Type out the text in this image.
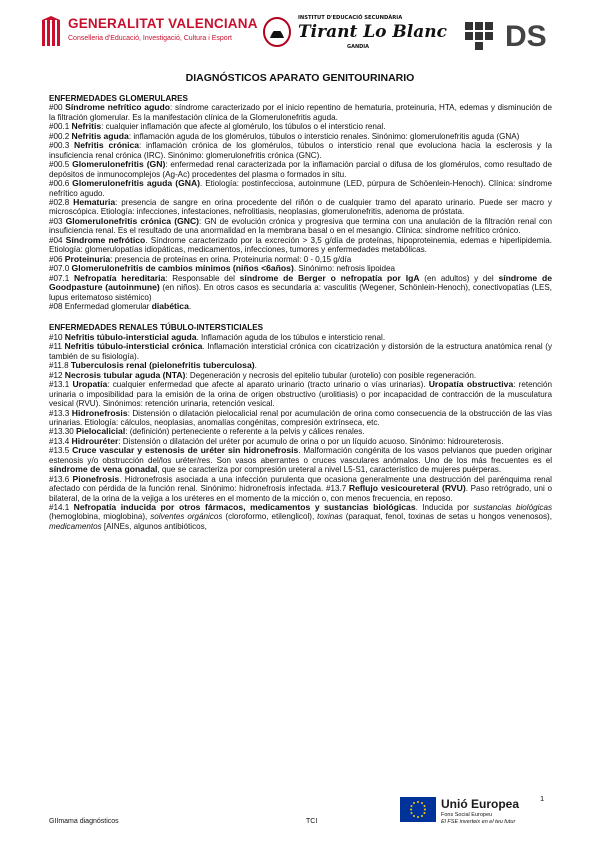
GENERALITAT VALENCIANA
Conselleria d'Educació, Investigació, Cultura i Esport
INSTITUT D'EDUCACIÓ SECUNDÀRIA
Tirant Lo Blanc
GANDIA	DS
DIAGNÓSTICOS APARATO GENITOURINARIO
ENFERMEDADES GLOMERULARES
#00 Síndrome nefrítico agudo: síndrome caracterizado por el inicio repentino de hematuria, proteinuria, HTA, edemas y disminución de la filtración glomerular. Es la manifestación clínica de la Glomerulonefritis aguda.
#00.1 Nefritis: cualquier inflamación que afecte al glomérulo, los túbulos o el intersticio renal.
#00.2 Nefritis aguda: inflamación aguda de los glomérulos, túbulos o intersticio renales. Sinónimo: glomerulonefritis aguda (GNA)
#00.3 Nefritis crónica: inflamación crónica de los glomérulos, túbulos o intersticio renal que evoluciona hacia la esclerosis y la insuficiencia renal crónica (IRC). Sinónimo: glomerulonefritis crónica (GNC).
#00.5 Glomerulonefritis (GN): enfermedad renal caracterizada por la inflamación parcial o difusa de los glomérulos, como resultado de depósitos de inmunocomplejos (Ag-Ac) procedentes del plasma o formados in situ.
#00.6 Glomerulonefritis aguda (GNA). Etiología: postinfecciosa, autoinmune (LED, púrpura de Schöenlein-Henoch). Clínica: síndrome nefrítico agudo.
#02.8 Hematuria: presencia de sangre en orina procedente del riñón o de cualquier tramo del aparato urinario. Puede ser macro y microscópica. Etiología: infecciones, infestaciones, nefrolitiasis, neoplasias, glomerulonefritis, adenoma de próstata.
#03 Glomerulonefritis crónica (GNC): GN de evolución crónica y progresiva que termina con una anulación de la filtración renal con insuficiencia renal. Es el resultado de una anormalidad en la membrana basal o en el mesangio. Clínica: síndrome nefrítico crónico.
#04 Síndrome nefrótico. Síndrome caracterizado por la excreción > 3,5 g/día de proteínas, hipoproteinemia, edemas e hiperlipidemia. Etiología: glomerulopatías idiopáticas, medicamentos, infecciones, tumores y enfermedades metabólicas.
#06 Proteinuria: presencia de proteínas en orina. Proteinuria normal: 0 - 0,15 g/día
#07.0 Glomerulonefritis de cambios mínimos (niños <6años). Sinónimo: nefrosis lipoidea
#07.1 Nefropatía hereditaria: Responsable del síndrome de Berger o nefropatía por IgA (en adultos) y del síndrome de Goodpasture (autoinmune) (en niños). En otros casos es secundaria a: vasculitis (Wegener, Schönlein-Henoch), conectivopatías (LES, lupus eritematoso sistémico)
#08 Enfermedad glomerular diabética.
ENFERMEDADES RENALES TÚBULO-INTERSTICIALES
#10 Nefritis túbulo-intersticial aguda. Inflamación aguda de los túbulos e intersticio renal.
#11 Nefritis túbulo-intersticial crónica. Inflamación intersticial crónica con cicatrización y distorsión de la estructura anatómica renal (y también de su fisiología).
#11.8 Tuberculosis renal (pielonefritis tuberculosa).
#12 Necrosis tubular aguda (NTA): Degeneración y necrosis del epitelio tubular (urotelio) con posible regeneración.
#13.1 Uropatía: cualquier enfermedad que afecte al aparato urinario (tracto urinario o vías urinarias). Uropatía obstructiva: retención urinaria o imposibilidad para la emisión de la orina de origen obstructivo (urolitiasis) o por incapacidad de contracción de la musculatura vesical (RVU). Sinónimos: retención urinaria, retención vesical.
#13.3 Hidronefrosis: Distensión o dilatación pielocalicial renal por acumulación de orina como consecuencia de la obstrucción de las vías urinarias. Etiología: cálculos, neoplasias, anomalías congénitas, compresión extrínseca, etc.
#13.30 Pielocalicial: (definición) perteneciente o referente a la pelvis y cálices renales.
#13.4 Hidrouréter: Distensión o dilatación del uréter por acumulo de orina o por un líquido acuoso. Sinónimo: hidroureterosis.
#13.5 Cruce vascular y estenosis de uréter sin hidronefrosis. Malformación congénita de los vasos pelvianos que pueden originar estenosis y/o obstrucción del/los uréter/res. Son vasos aberrantes o cruces vasculares anómalos. Uno de los más frecuentes es el síndrome de vena gonadal, que se caracteriza por compresión ureteral a nivel L5-S1, característico de mujeres puérperas.
#13.6 Pionefrosis. Hidronefrosis asociada a una infección purulenta que ocasiona generalmente una destrucción del parénquima renal afectado con pérdida de la función renal. Sinónimo: hidronefrosis infectada. #13.7 Reflujo vesicoureteral (RVU). Paso retrógrado, uni o bilateral, de la orina de la vejiga a los uréteres en el momento de la micción o, con menos frecuencia, en reposo.
#14.1 Nefropatía inducida por otros fármacos, medicamentos y sustancias biológicas. Inducida por sustancias biológicas (hemoglobina, mioglobina), solventes orgánicos (cloroformo, etilenglicol), toxinas (paraquat, fenol, toxinas de setas u hongos venenosos), medicamentos [AINEs, algunos antibióticos,
GIImama diagnósticos	TCI
Unió Europea
Fons Social Europeu
El FSE inverteix en el teu futur
1
